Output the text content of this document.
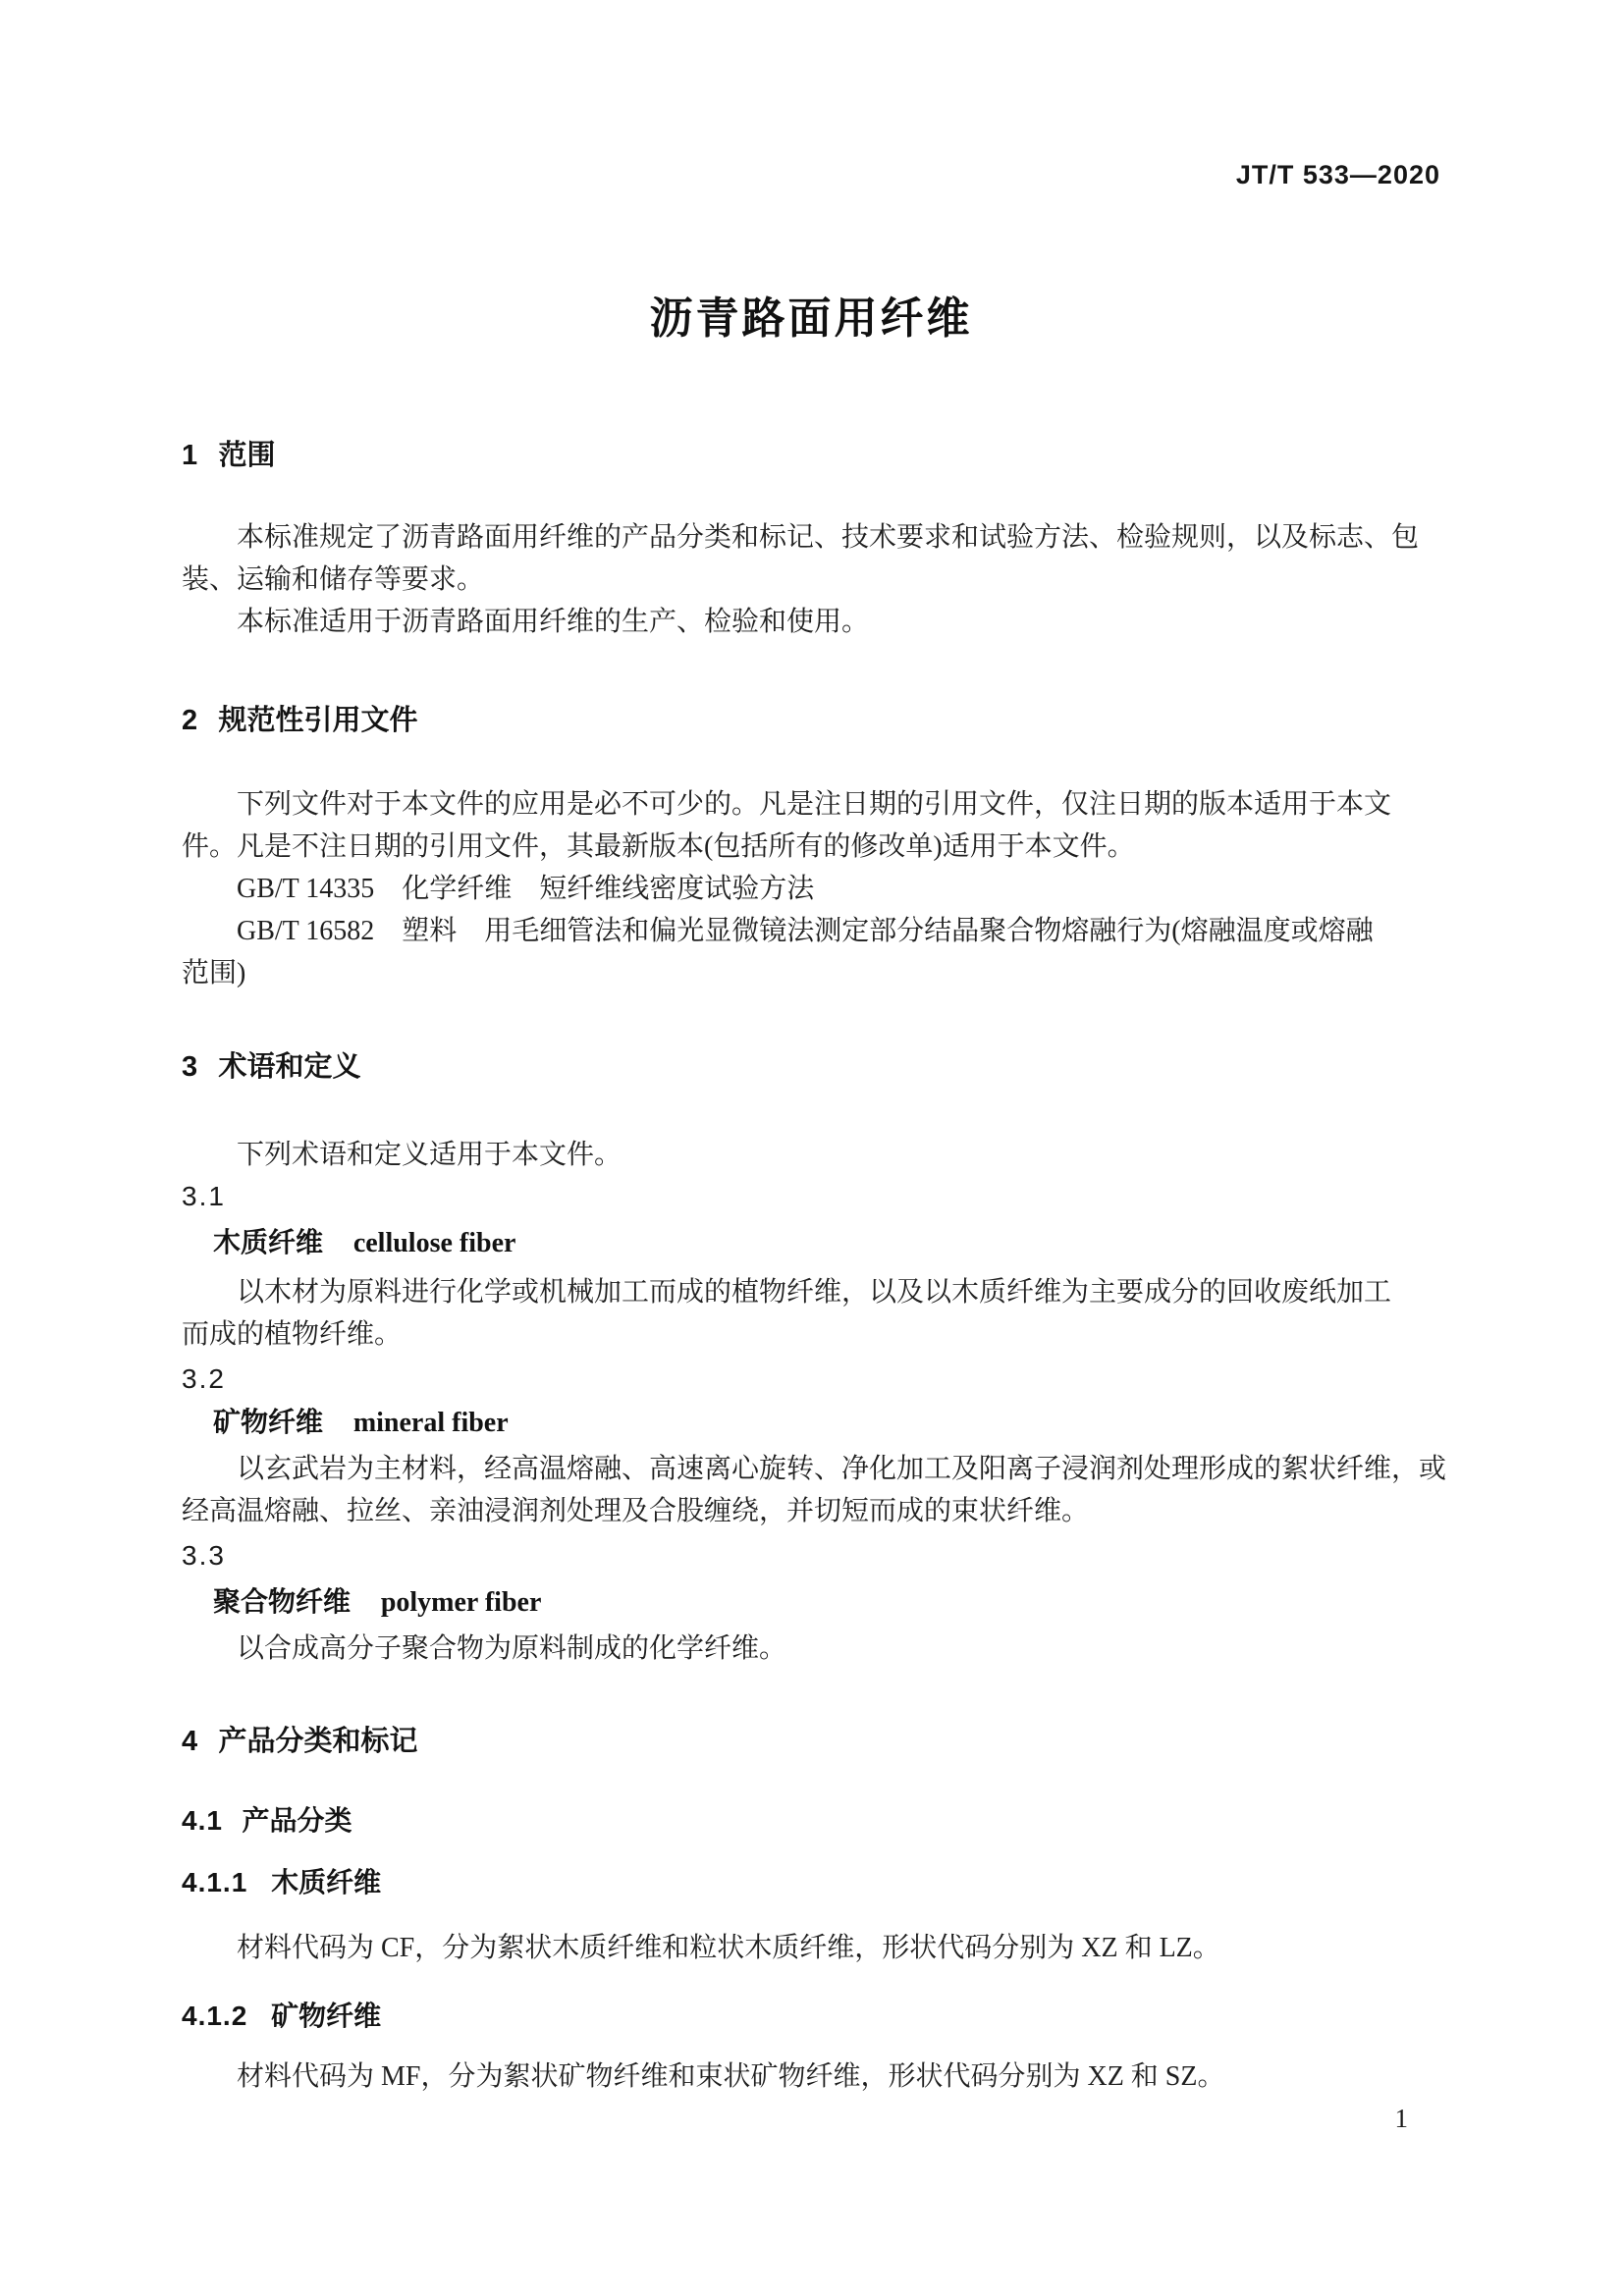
JT/T 533—2020
沥青路面用纤维
1 范围
本标准规定了沥青路面用纤维的产品分类和标记、技术要求和试验方法、检验规则，以及标志、包
装、运输和储存等要求。
本标准适用于沥青路面用纤维的生产、检验和使用。
2 规范性引用文件
下列文件对于本文件的应用是必不可少的。凡是注日期的引用文件，仅注日期的版本适用于本文
件。凡是不注日期的引用文件，其最新版本(包括所有的修改单)适用于本文件。
GB/T 14335　化学纤维　短纤维线密度试验方法
GB/T 16582　塑料　用毛细管法和偏光显微镜法测定部分结晶聚合物熔融行为(熔融温度或熔融
范围)
3 术语和定义
下列术语和定义适用于本文件。
3.1
木质纤维 cellulose fiber
以木材为原料进行化学或机械加工而成的植物纤维，以及以木质纤维为主要成分的回收废纸加工
而成的植物纤维。
3.2
矿物纤维 mineral fiber
以玄武岩为主材料，经高温熔融、高速离心旋转、净化加工及阳离子浸润剂处理形成的絮状纤维，或
经高温熔融、拉丝、亲油浸润剂处理及合股缠绕，并切短而成的束状纤维。
3.3
聚合物纤维 polymer fiber
以合成高分子聚合物为原料制成的化学纤维。
4 产品分类和标记
4.1 产品分类
4.1.1 木质纤维
材料代码为 CF，分为絮状木质纤维和粒状木质纤维，形状代码分别为 XZ 和 LZ。
4.1.2 矿物纤维
材料代码为 MF，分为絮状矿物纤维和束状矿物纤维，形状代码分别为 XZ 和 SZ。
1
